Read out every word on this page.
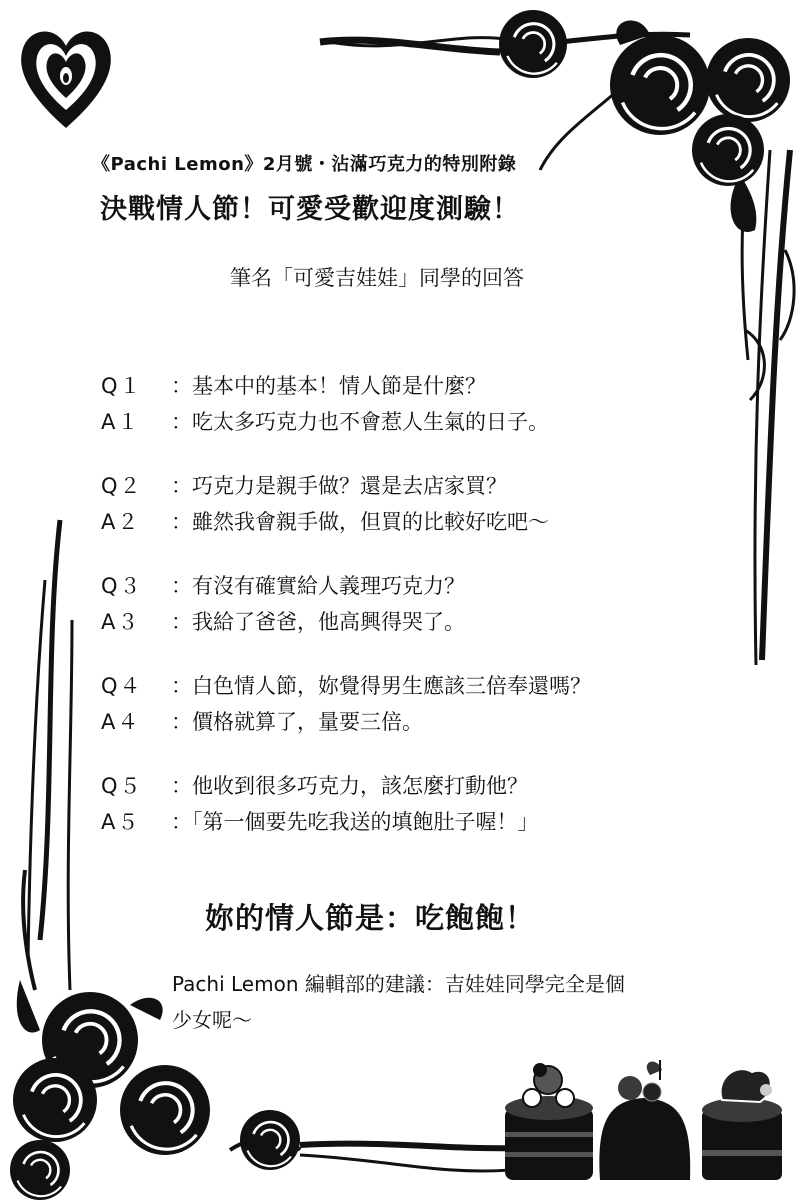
《Pachi Lemon》2月號・沾滿巧克力的特別附錄
決戰情人節！可愛受歡迎度測驗！
筆名「可愛吉娃娃」同學的回答
Q１	：基本中的基本！情人節是什麼？
A１	：吃太多巧克力也不會惹人生氣的日子。
Q２	：巧克力是親手做？還是去店家買？
A２	：雖然我會親手做，但買的比較好吃吧～
Q３	：有沒有確實給人義理巧克力？
A３	：我給了爸爸，他高興得哭了。
Q４	：白色情人節，妳覺得男生應該三倍奉還嗎？
A４	：價格就算了，量要三倍。
Q５	：他收到很多巧克力，該怎麼打動他？
A５	：「第一個要先吃我送的填飽肚子喔！」
妳的情人節是：吃飽飽！
Pachi Lemon 編輯部的建議：吉娃娃同學完全是個
少女呢～
